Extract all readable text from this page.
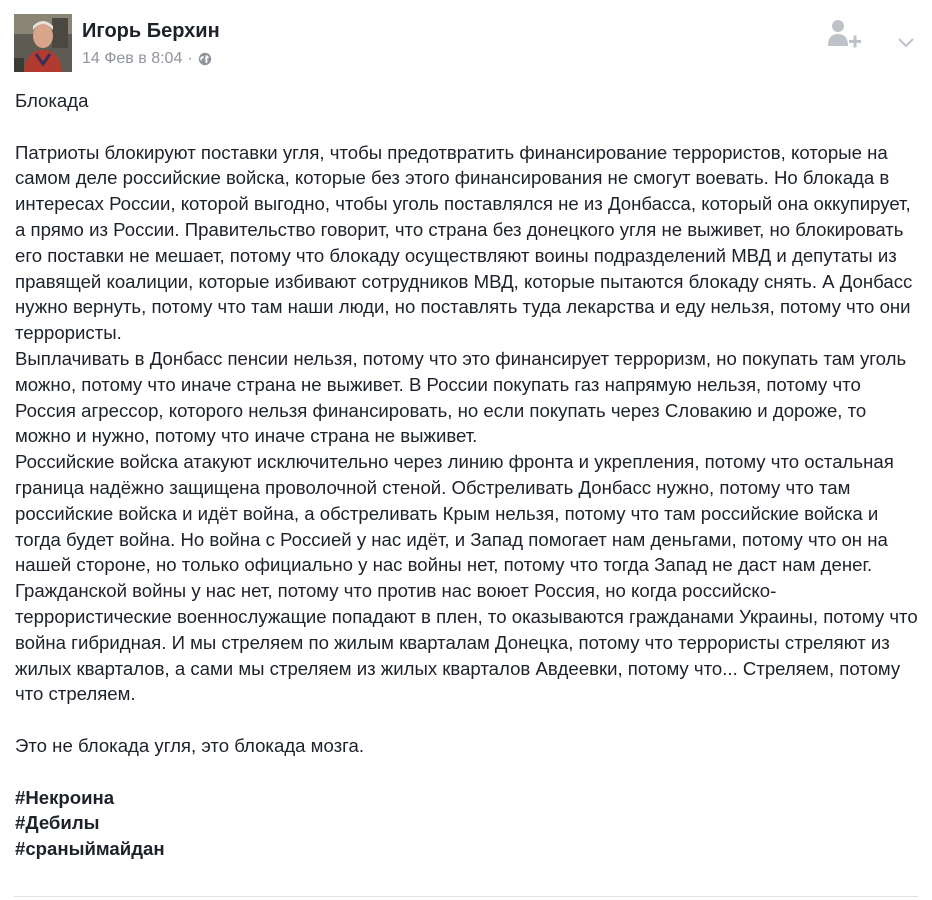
Игорь Берхин
14 Фев в 8:04 ·

Блокада

Патриоты блокируют поставки угля, чтобы предотвратить финансирование террористов, которые на самом деле российские войска, которые без этого финансирования не смогут воевать. Но блокада в интересах России, которой выгодно, чтобы уголь поставлялся не из Донбасса, который она оккупирует, а прямо из России. Правительство говорит, что страна без донецкого угля не выживет, но блокировать его поставки не мешает, потому что блокаду осуществляют воины подразделений МВД и депутаты из правящей коалиции, которые избивают сотрудников МВД, которые пытаются блокаду снять. А Донбасс нужно вернуть, потому что там наши люди, но поставлять туда лекарства и еду нельзя, потому что они террористы.

Выплачивать в Донбасс пенсии нельзя, потому что это финансирует терроризм, но покупать там уголь можно, потому что иначе страна не выживет. В России покупать газ напрямую нельзя, потому что Россия агрессор, которого нельзя финансировать, но если покупать через Словакию и дороже, то можно и нужно, потому что иначе страна не выживет.

Российские войска атакуют исключительно через линию фронта и укрепления, потому что остальная граница надёжно защищена проволочной стеной. Обстреливать Донбасс нужно, потому что там российские войска и идёт война, а обстреливать Крым нельзя, потому что там российские войска и тогда будет война. Но война с Россией у нас идёт, и Запад помогает нам деньгами, потому что он на нашей стороне, но только официально у нас войны нет, потому что тогда Запад не даст нам денег. Гражданской войны у нас нет, потому что против нас воюет Россия, но когда российско-террористические военнослужащие попадают в плен, то оказываются гражданами Украины, потому что война гибридная. И мы стреляем по жилым кварталам Донецка, потому что террористы стреляют из жилых кварталов, а сами мы стреляем из жилых кварталов Авдеевки, потому что... Стреляем, потому что стреляем.

Это не блокада угля, это блокада мозга.

#Некроина
#Дебилы
#сраныймайдан
